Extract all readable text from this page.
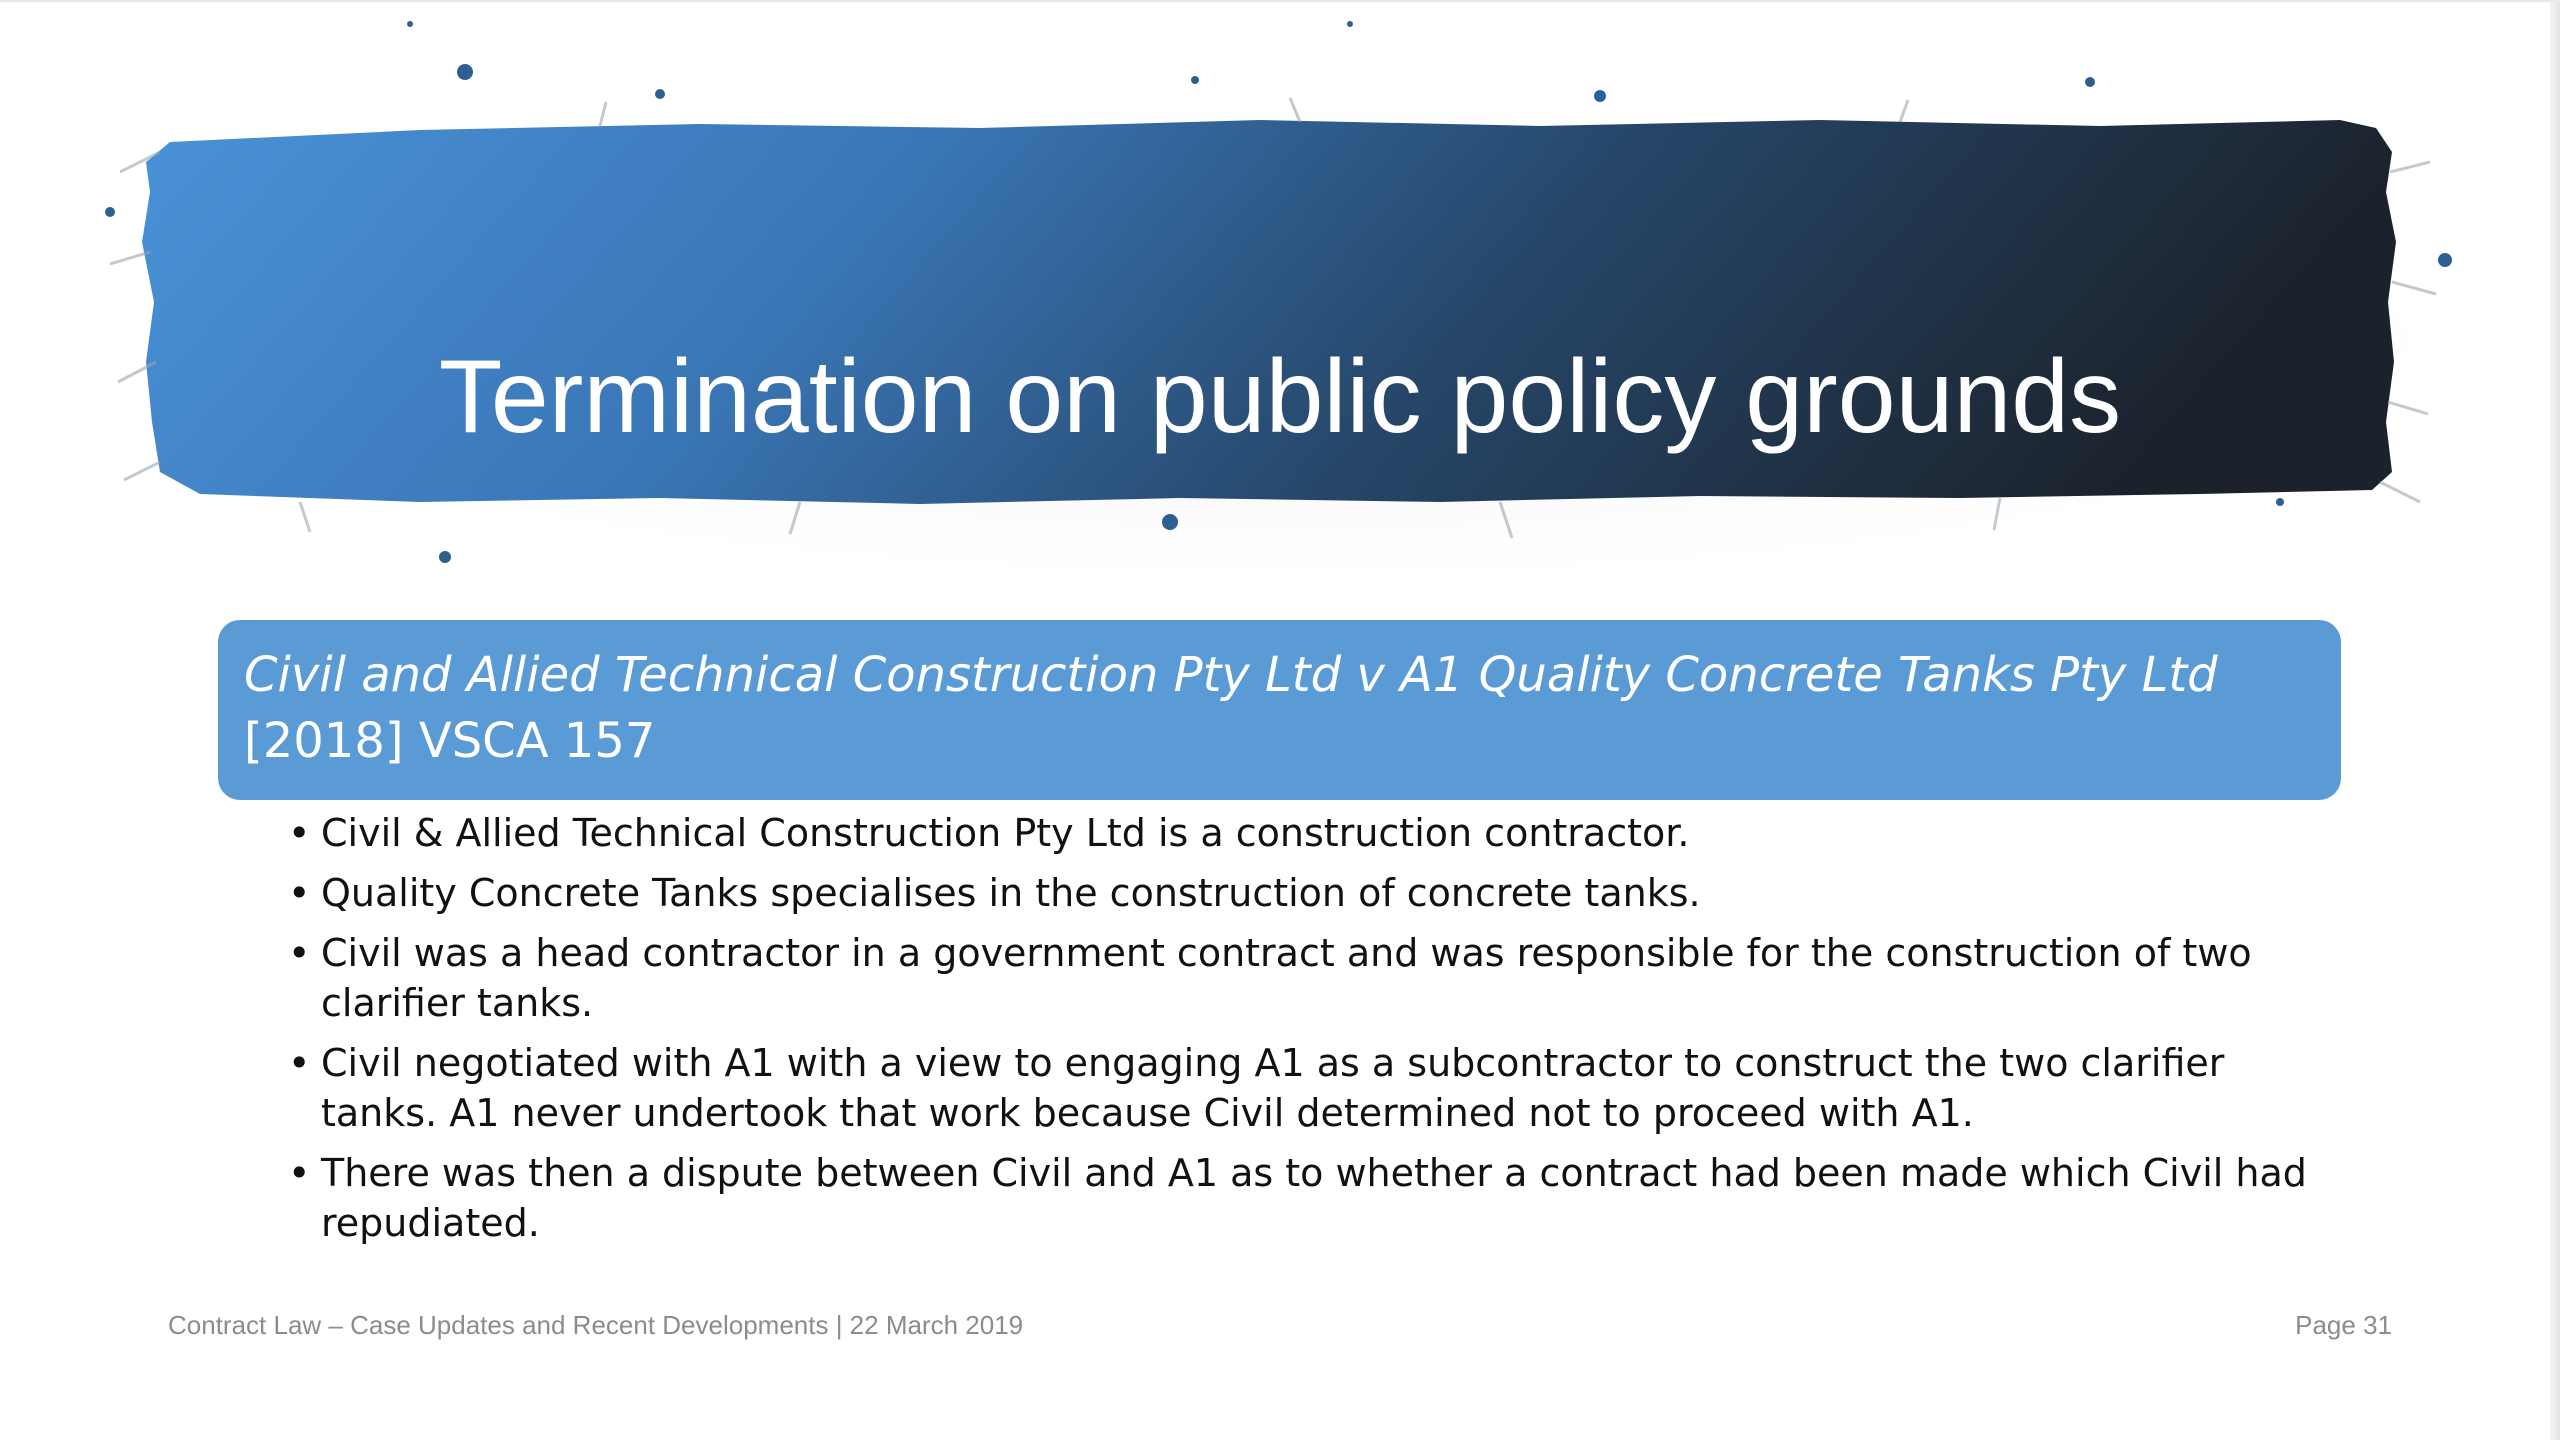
Termination on public policy grounds
Civil and Allied Technical Construction Pty Ltd v A1 Quality Concrete Tanks Pty Ltd
[2018] VSCA 157
• Civil & Allied Technical Construction Pty Ltd is a construction contractor.
• Quality Concrete Tanks specialises in the construction of concrete tanks.
• Civil was a head contractor in a government contract and was responsible for the construction of two clarifier tanks.
• Civil negotiated with A1 with a view to engaging A1 as a subcontractor to construct the two clarifier tanks. A1 never undertook that work because Civil determined not to proceed with A1.
• There was then a dispute between Civil and A1 as to whether a contract had been made which Civil had repudiated.
Contract Law – Case Updates and Recent Developments | 22 March 2019	Page 31
